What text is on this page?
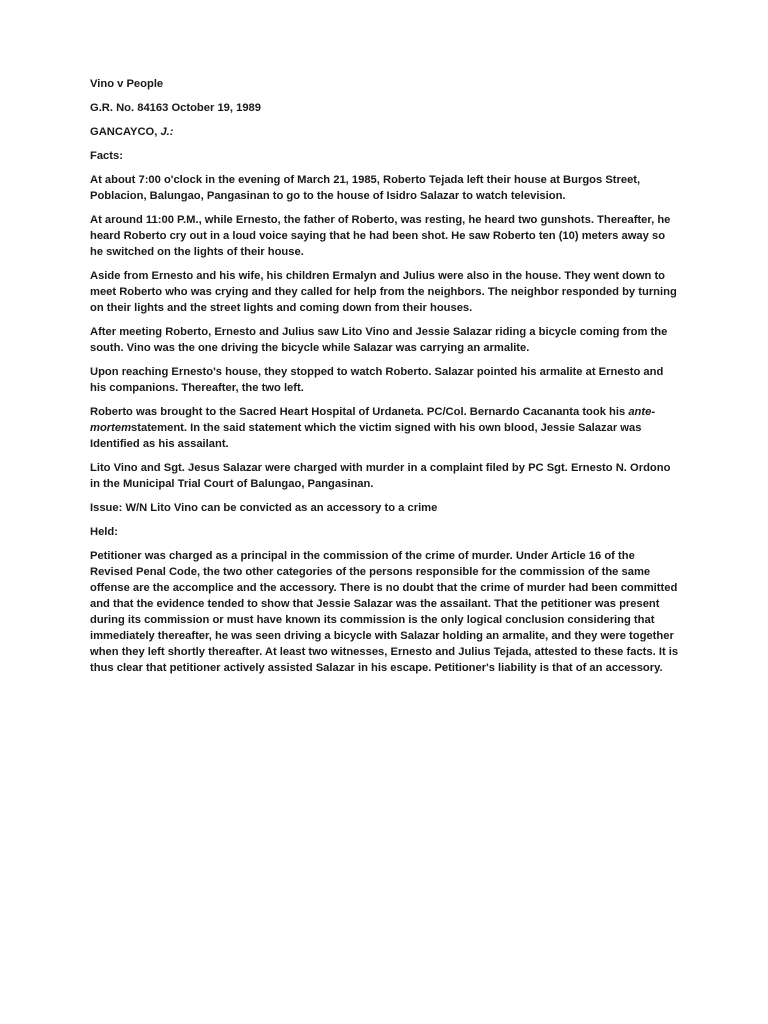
Vino v People

G.R. No. 84163 October 19, 1989

GANCAYCO, J.:

Facts:

At about 7:00 o'clock in the evening of March 21, 1985, Roberto Tejada left their house at Burgos Street, Poblacion, Balungao, Pangasinan to go to the house of Isidro Salazar to watch television.

At around 11:00 P.M., while Ernesto, the father of Roberto, was resting, he heard two gunshots. Thereafter, he heard Roberto cry out in a loud voice saying that he had been shot. He saw Roberto ten (10) meters away so he switched on the lights of their house.

Aside from Ernesto and his wife, his children Ermalyn and Julius were also in the house. They went down to meet Roberto who was crying and they called for help from the neighbors. The neighbor responded by turning on their lights and the street lights and coming down from their houses.

After meeting Roberto, Ernesto and Julius saw Lito Vino and Jessie Salazar riding a bicycle coming from the south. Vino was the one driving the bicycle while Salazar was carrying an armalite.

Upon reaching Ernesto's house, they stopped to watch Roberto. Salazar pointed his armalite at Ernesto and his companions. Thereafter, the two left.

Roberto was brought to the Sacred Heart Hospital of Urdaneta. PC/Col. Bernardo Cacananta took his ante-mortemstatement. In the said statement which the victim signed with his own blood, Jessie Salazar was Identified as his assailant.

Lito Vino and Sgt. Jesus Salazar were charged with murder in a complaint filed by PC Sgt. Ernesto N. Ordono in the Municipal Trial Court of Balungao, Pangasinan.

Issue: W/N Lito Vino can be convicted as an accessory to a crime

Held:

Petitioner was charged as a principal in the commission of the crime of murder. Under Article 16 of the Revised Penal Code, the two other categories of the persons responsible for the commission of the same offense are the accomplice and the accessory. There is no doubt that the crime of murder had been committed and that the evidence tended to show that Jessie Salazar was the assailant. That the petitioner was present during its commission or must have known its commission is the only logical conclusion considering that immediately thereafter, he was seen driving a bicycle with Salazar holding an armalite, and they were together when they left shortly thereafter. At least two witnesses, Ernesto and Julius Tejada, attested to these facts. It is thus clear that petitioner actively assisted Salazar in his escape. Petitioner's liability is that of an accessory.
